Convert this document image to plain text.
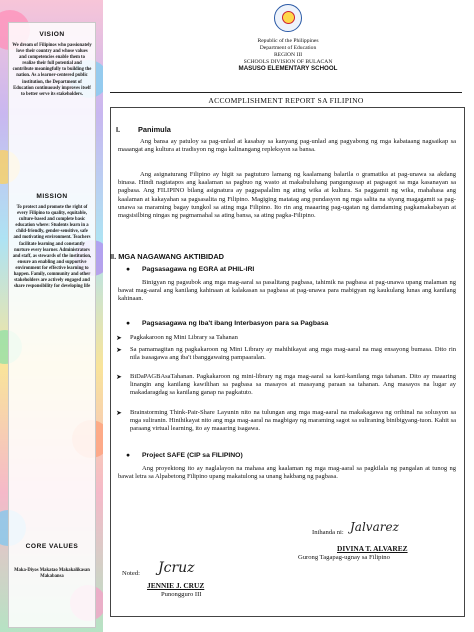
VISION
We dream of Filipinos who passionately love their country and whose values and competencies enable them to realize their full potential and contribute meaningfully to building the nation. As a learner-centered public institution, the Department of Education continuously improves itself to better serve its stakeholders.
MISSION
To protect and promote the right of every Filipino to quality, equitable, culture-based and complete basic education where: Students learn in a child-friendly, gender-sensitive, safe and motivating environment. Teachers facilitate learning and constantly nurture every learner. Administrators and staff, as stewards of the institution, ensure an enabling and supportive environment for effective learning to happen. Family, community and other stakeholders are actively engaged and share responsibility for developing life
CORE VALUES
Maka-Diyos Makatao Makakalikasan Makabansa
Republic of the Philippines
Department of Education
REGION III
SCHOOLS DIVISION OF BULACAN
MASUSO ELEMENTARY SCHOOL
ACCOMPLISHMENT REPORT SA FILIPINO
I. Panimula
Ang bansa ay patuloy sa pag-unlad at kasabay sa kanyang pag-unlad ang pagyabong ng mga kabataang nagsaikap sa maaangat ang kultura at tradisyon ng mga kalinangang repleksyon sa bansa.
Ang asignaturang Filipino ay higit sa pagtuturo lamang ng kaalamang balarila o gramatika at pag-unawa sa akdang binasa. Hindi nagtatapos ang kaalaman sa pagbuo ng wasto at makabuluhang pangungusap at pagsagot sa mga kasanayan sa pagbasa. Ang FILIPINO bilang asignatura ay pagpapalalim ng ating wika at kultura. Sa paggamit ng wika, mahahasa ang kaalaman at kakayahan sa pagsasalita ng Filipino. Magiging matatag ang pundasyon ng mga salita na siyang magagamit sa pag-unawa sa maraming bagay tungkol sa ating mga Filipino. Ito rin ang maaaring pag-ugatan ng damdaming pagkamakabayan at magsisilbing ningas ng pagmamahal sa ating bansa, sa ating pagka-Filipino.
II. MGA NAGAWANG AKTIBIDAD
● Pagsasagawa ng EGRA at PHIL-IRI
Binigyan ng pagsubok ang mga mag-aaral sa pasalitang pagbasa, tahimik na pagbasa at pag-unawa upang malaman ng bawat mag-aaral ang kanilang kahinaan at kalakasan sa pagbasa at pag-unawa para mabigyan ng kaukulang lunas ang kanilang kahinaan.
● Pagsasagawa ng Iba't ibang Interbasyon para sa Pagbasa
➤ Pagkakaroon ng Mini Library sa Tahanan
➤ Sa pamamagitan ng pagkakaroon ng Mini Library ay mahihikayat ang mga mag-aaral na mag ensayong bumasa. Dito rin nila isasagawa ang iba't ibanggawaing pampaaralan.
➤ BiDaPAGBAsaTahanan. Pagkakaroon ng mini-library ng mga mag-aaral sa kani-kanilang mga tahanan. Dito ay maaaring linangin ang kanilang kawilihan sa pagbasa sa masayos at masayang paraan sa tahanan. Ang masayos na lugar ay makadaragdag sa kanilang ganap na pagkatuto.
➤ Brainstorming Think-Pair-Share Layunin nito na tulungan ang mga mag-aaral na makakagawa ng orihinal na solusyon sa mga suliranin. Hinihikayat nito ang mga mag-aaral na magbigay ng maraming sagot sa suliraning binibigyang-tuon. Kahit sa paraang virtual learning, ito ay maaaring isagawa.
● Project SAFE (CIP sa FILIPINO)
Ang proyektong ito ay naglalayon na mahasa ang kaalaman ng mga mag-aaral sa pagkilala ng pangalan at tunog ng bawat letra sa Alpabetong Filipino upang makatulong sa unang hakbang ng pagbasa.
Inihanda ni: Jalvarez
DIVINA T. ALVAREZ
Gurong Tagapag-ugnay sa Filipino
Noted: Jcruz
JENNIE J. CRUZ
Punongguro III
